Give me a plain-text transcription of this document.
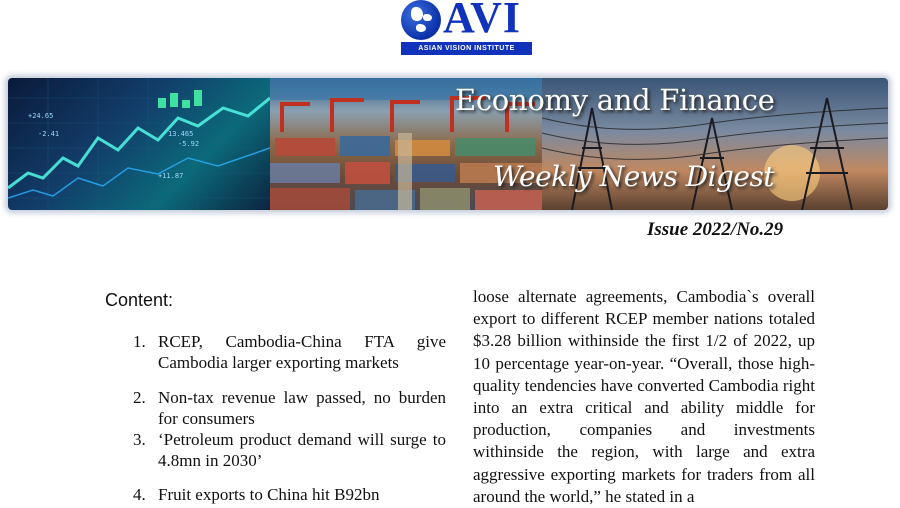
AVI
ASIAN VISION INSTITUTE
+24.65
-2.41	13.465
-5.92
+11.87
Economy and Finance
Weekly News Digest
Issue 2022/No.29
Content:
1. RCEP, Cambodia-China FTA give Cambodia larger exporting markets
2. Non-tax revenue law passed, no burden for consumers
3. ‘Petroleum product demand will surge to 4.8mn in 2030’
4. Fruit exports to China hit B92bn

loose alternate agreements, Cambodia`s overall export to different RCEP member nations totaled $3.28 billion withinside the first 1/2 of 2022, up 10 percentage year-on-year. “Overall, those high-quality tendencies have converted Cambodia right into an extra critical and ability middle for production, companies and investments withinside the region, with large and extra aggressive exporting markets for traders from all around the world,” he stated in a
